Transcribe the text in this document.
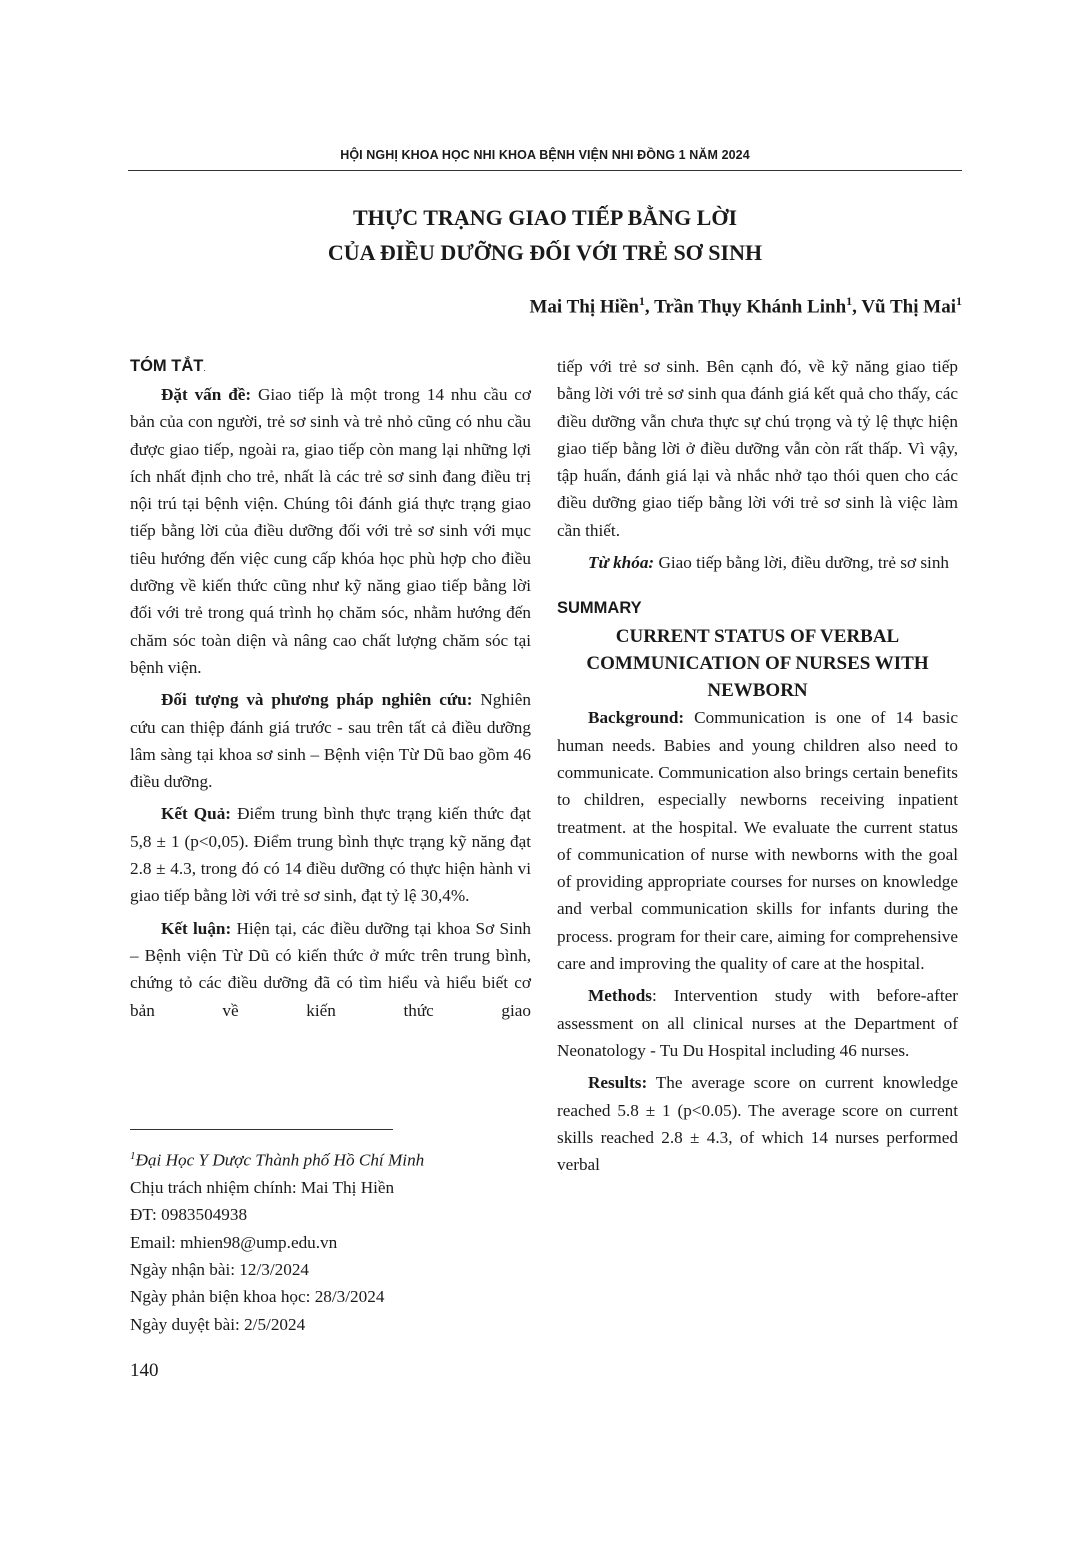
HỘI NGHỊ KHOA HỌC NHI KHOA BỆNH VIỆN NHI ĐỒNG 1 NĂM 2024
THỰC TRẠNG GIAO TIẾP BẰNG LỜI
CỦA ĐIỀU DƯỠNG ĐỐI VỚI TRẺ SƠ SINH
Mai Thị Hiền$^1$, Trần Thụy Khánh Linh$^1$, Vũ Thị Mai$^1$

TÓM TẮT.

Đặt vấn đề: Giao tiếp là một trong 14 nhu cầu cơ bản của con người, trẻ sơ sinh và trẻ nhỏ cũng có nhu cầu được giao tiếp, ngoài ra, giao tiếp còn mang lại những lợi ích nhất định cho trẻ, nhất là các trẻ sơ sinh đang điều trị nội trú tại bệnh viện. Chúng tôi đánh giá thực trạng giao tiếp bằng lời của điều dưỡng đối với trẻ sơ sinh với mục tiêu hướng đến việc cung cấp khóa học phù hợp cho điều dưỡng về kiến thức cũng như kỹ năng giao tiếp bằng lời đối với trẻ trong quá trình họ chăm sóc, nhằm hướng đến chăm sóc toàn diện và nâng cao chất lượng chăm sóc tại bệnh viện.

Đối tượng và phương pháp nghiên cứu: Nghiên cứu can thiệp đánh giá trước - sau trên tất cả điều dưỡng lâm sàng tại khoa sơ sinh – Bệnh viện Từ Dũ bao gồm 46 điều dưỡng.

Kết Quả: Điểm trung bình thực trạng kiến thức đạt 5,8 ± 1 (p<0,05). Điểm trung bình thực trạng kỹ năng đạt 2.8 ± 4.3, trong đó có 14 điều dưỡng có thực hiện hành vi giao tiếp bằng lời với trẻ sơ sinh, đạt tỷ lệ 30,4%.

Kết luận: Hiện tại, các điều dưỡng tại khoa Sơ Sinh – Bệnh viện Từ Dũ có kiến thức ở mức trên trung bình, chứng tỏ các điều dưỡng đã có tìm hiểu và hiểu biết cơ bản về kiến thức giao

tiếp với trẻ sơ sinh. Bên cạnh đó, về kỹ năng giao tiếp bằng lời với trẻ sơ sinh qua đánh giá kết quả cho thấy, các điều dưỡng vẫn chưa thực sự chú trọng và tỷ lệ thực hiện giao tiếp bằng lời ở điều dưỡng vẫn còn rất thấp. Vì vậy, tập huấn, đánh giá lại và nhắc nhở tạo thói quen cho các điều dưỡng giao tiếp bằng lời với trẻ sơ sinh là việc làm cần thiết.

Từ khóa: Giao tiếp bằng lời, điều dưỡng, trẻ sơ sinh

SUMMARY

CURRENT STATUS OF VERBAL
COMMUNICATION OF NURSES WITH
NEWBORN

Background: Communication is one of 14 basic human needs. Babies and young children also need to communicate. Communication also brings certain benefits to children, especially newborns receiving inpatient treatment. at the hospital. We evaluate the current status of communication of nurse with newborns with the goal of providing appropriate courses for nurses on knowledge and verbal communication skills for infants during the process. program for their care, aiming for comprehensive care and improving the quality of care at the hospital.

Methods: Intervention study with before-after assessment on all clinical nurses at the Department of Neonatology - Tu Du Hospital including 46 nurses.

Results: The average score on current knowledge reached 5.8 ± 1 (p<0.05). The average score on current skills reached 2.8 ± 4.3, of which 14 nurses performed verbal

$^1$Đại Học Y Dược Thành phố Hồ Chí Minh
Chịu trách nhiệm chính: Mai Thị Hiền
ĐT: 0983504938
Email: mhien98@ump.edu.vn
Ngày nhận bài: 12/3/2024
Ngày phản biện khoa học: 28/3/2024
Ngày duyệt bài: 2/5/2024
140
